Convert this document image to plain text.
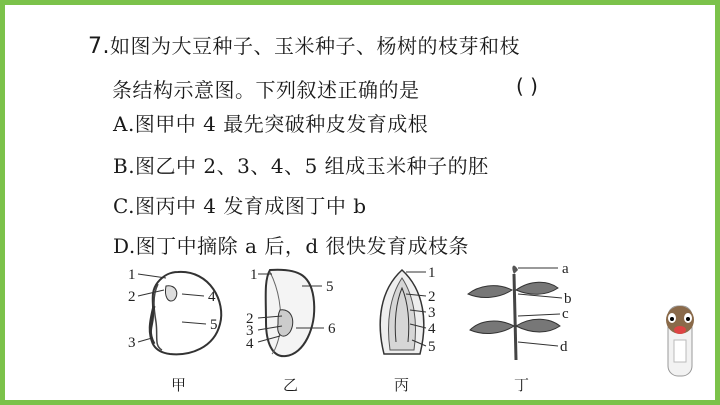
7.如图为大豆种子、玉米种子、杨树的枝芽和枝
条结构示意图。下列叙述正确的是	( )
A.图甲中 4 最先突破种皮发育成根
B.图乙中 2、3、4、5 组成玉米种子的胚
C.图丙中 4 发育成图丁中 b
D.图丁中摘除 a 后，d 很快发育成枝条
1
2	4
5
3
甲
1
5
2
3
4
6
乙
1
2
3
4
5
丙
a
b
c
d
丁
